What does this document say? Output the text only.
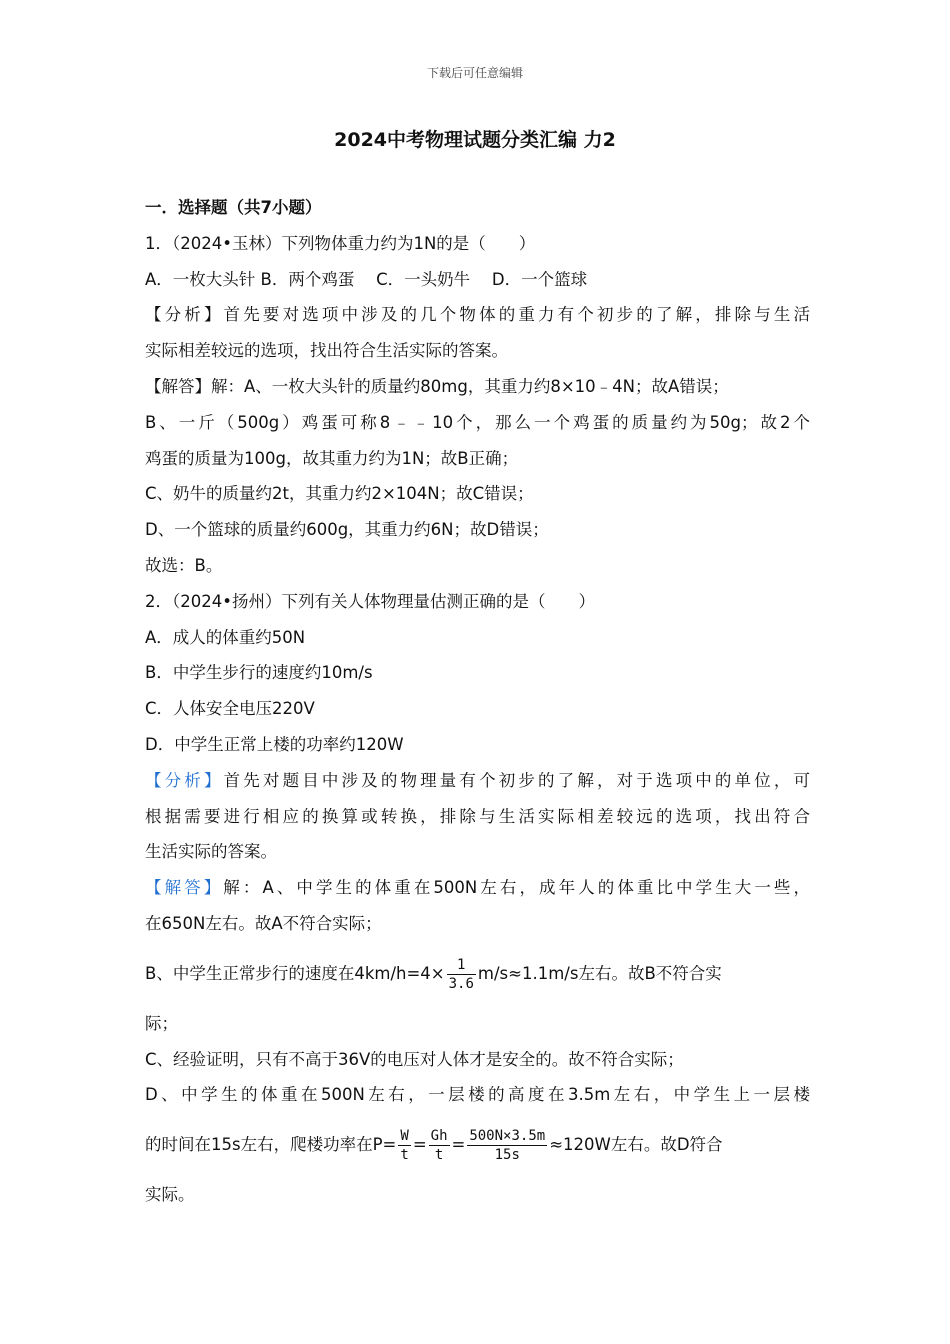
下载后可任意编辑
2024中考物理试题分类汇编 力2
一．选择题（共7小题）
1．（2024•玉林）下列物体重力约为1N的是（　　）
A．一枚大头针 B．两个鸡蛋　 C．一头奶牛　 D．一个篮球
【分析】首先要对选项中涉及的几个物体的重力有个初步的了解，排除与生活
实际相差较远的选项，找出符合生活实际的答案。
【解答】解：A、一枚大头针的质量约80mg，其重力约8×10﹣4N；故A错误；
B、一斤（500g）鸡蛋可称8﹣﹣10个，那么一个鸡蛋的质量约为50g；故2个
鸡蛋的质量为100g，故其重力约为1N；故B正确；
C、奶牛的质量约2t，其重力约2×104N；故C错误；
D、一个篮球的质量约600g，其重力约6N；故D错误；
故选：B。
2．（2024•扬州）下列有关人体物理量估测正确的是（　　）
A．成人的体重约50N
B．中学生步行的速度约10m/s
C．人体安全电压220V
D．中学生正常上楼的功率约120W
【分析】首先对题目中涉及的物理量有个初步的了解，对于选项中的单位，可
根据需要进行相应的换算或转换，排除与生活实际相差较远的选项，找出符合
生活实际的答案。
【解答】解：A、中学生的体重在500N左右，成年人的体重比中学生大一些，
在650N左右。故A不符合实际；
B、中学生正常步行的速度在$4km/h=4\times \frac{1}{3.6} m/s\approx 1.1m/s$左右。故B不符合实
际；
C、经验证明，只有不高于36V的电压对人体才是安全的。故不符合实际；
D、中学生的体重在500N左右，一层楼的高度在3.5m左右，中学生上一层楼
的时间在15s左右，爬楼功率在$P= \frac{W}{t} = \frac{Gh}{t} = \frac{500N\times 3.5m}{15s} \approx 120W$左右。故D符合
实际。
